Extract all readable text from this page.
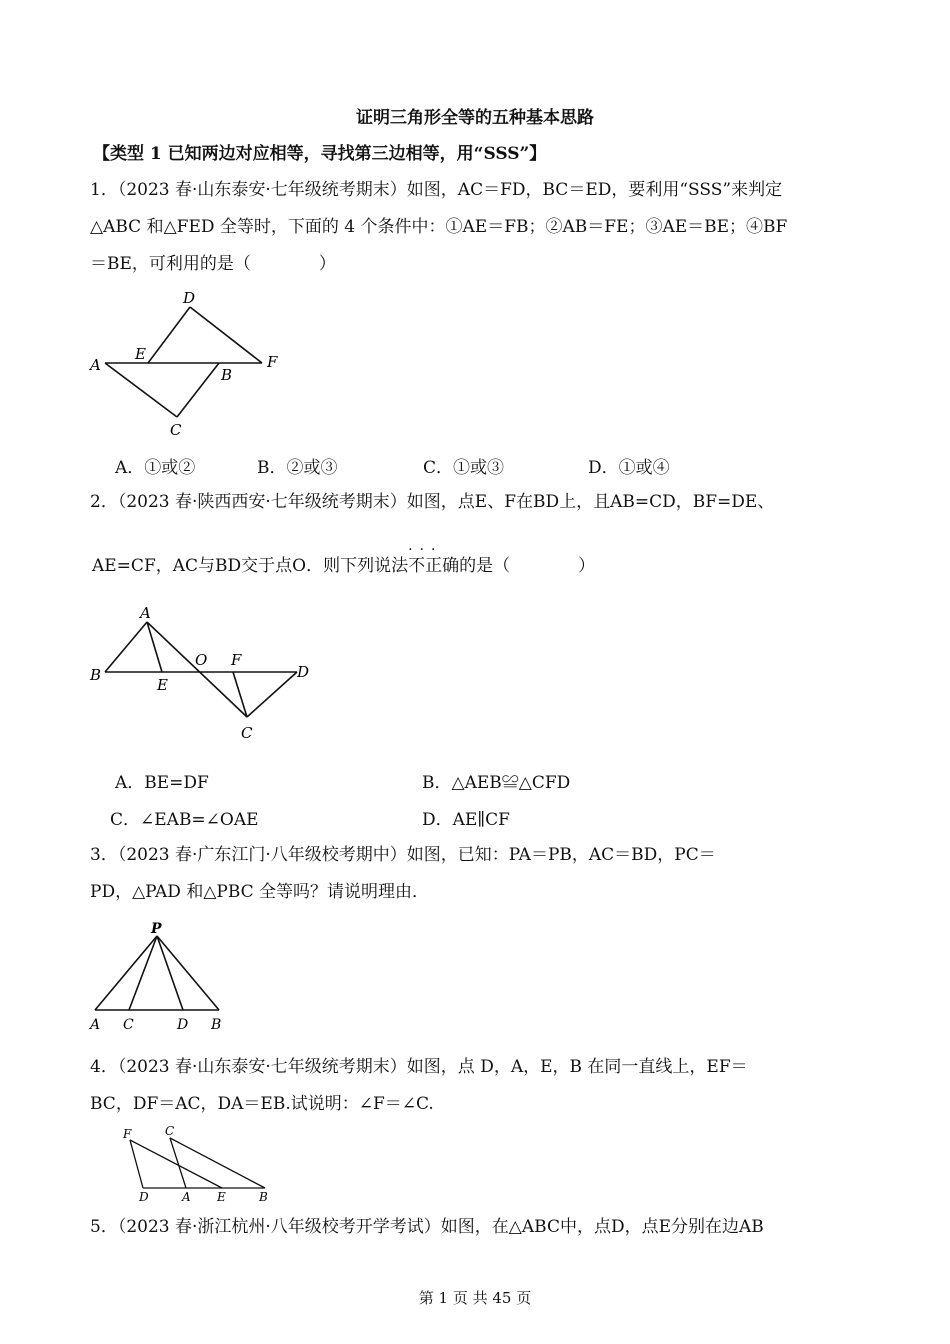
证明三角形全等的五种基本思路
【类型 1 已知两边对应相等，寻找第三边相等，用“SSS”】
1．（2023 春·山东泰安·七年级统考期末）如图，AC＝FD，BC＝ED，要利用“SSS”来判定
△ABC 和△FED 全等时，下面的 4 个条件中：①AE＝FB；②AB＝FE；③AE＝BE；④BF
＝BE，可利用的是（　　　　）
D
E
A
B
F
C
A．①或②	B．②或③	C．①或③	D．①或④
2．（2023 春·陕西西安·七年级统考期末）如图，点E、F在BD上，且AB=CD，BF=DE、
AE=CF，AC与BD交于点O．则下列说法
···
不正确的是（　　　　）
A
B
E
O F
D
C
A．BE=DF	B．△AEB≌△CFD
C．∠EAB=∠OAE	D．AE∥CF
3．（2023 春·广东江门·八年级校考期中）如图，已知：PA＝PB，AC＝BD，PC＝
PD，△PAD 和△PBC 全等吗？请说明理由．
P
A C	D B
4．（2023 春·山东泰安·七年级统考期末）如图，点 D，A，E，B 在同一直线上，EF＝
BC，DF＝AC，DA＝EB.试说明：∠F＝∠C.
F	C
D	A E	B
5．（2023 春·浙江杭州·八年级校考开学考试）如图，在△ABC中，点D，点E分别在边AB
第 1 页 共 45 页
